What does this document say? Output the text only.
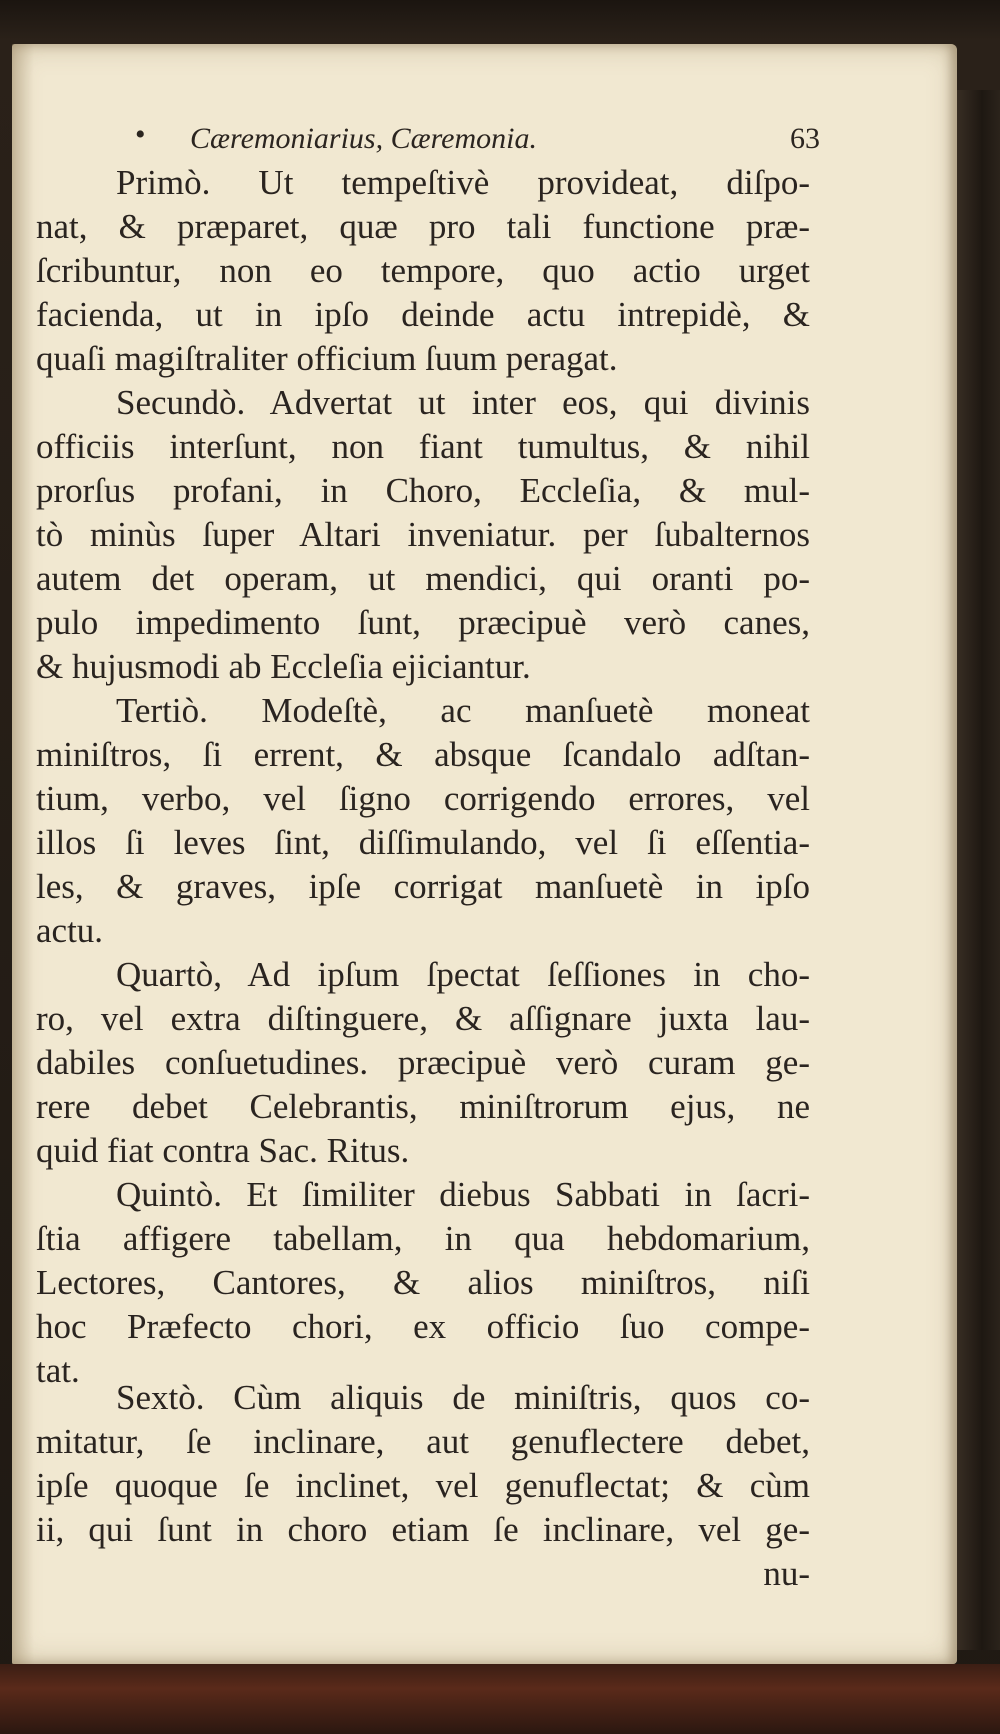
• Cæremoniarius, Cæremonia.	63
Primò. Ut tempeſtivè provideat, diſpo-
nat, & præparet, quæ pro tali functione præ-
ſcribuntur, non eo tempore, quo actio urget
facienda, ut in ipſo deinde actu intrepidè, &
quaſi magiſtraliter officium ſuum peragat.
Secundò. Advertat ut inter eos, qui divinis
officiis interſunt, non fiant tumultus, & nihil
prorſus profani, in Choro, Eccleſia, & mul-
tò minùs ſuper Altari inveniatur. per ſubalternos
autem det operam, ut mendici, qui oranti po-
pulo impedimento ſunt, præcipuè verò canes,
& hujusmodi ab Eccleſia ejiciantur.
Tertiò. Modeſtè, ac manſuetè moneat
miniſtros, ſi errent, & absque ſcandalo adſtan-
tium, verbo, vel ſigno corrigendo errores, vel
illos ſi leves ſint, diſſimulando, vel ſi eſſentia-
les, & graves, ipſe corrigat manſuetè in ipſo
actu.
Quartò, Ad ipſum ſpectat ſeſſiones in cho-
ro, vel extra diſtinguere, & aſſignare juxta lau-
dabiles conſuetudines. præcipuè verò curam ge-
rere debet Celebrantis, miniſtrorum ejus, ne
quid fiat contra Sac. Ritus.
Quintò. Et ſimiliter diebus Sabbati in ſacri-
ſtia affigere tabellam, in qua hebdomarium,
Lectores, Cantores, & alios miniſtros, niſi
hoc Præfecto chori, ex officio ſuo compe-
tat.
Sextò. Cùm aliquis de miniſtris, quos co-
mitatur, ſe inclinare, aut genuflectere debet,
ipſe quoque ſe inclinet, vel genuflectat; & cùm
ii, qui ſunt in choro etiam ſe inclinare, vel ge-
nu-
